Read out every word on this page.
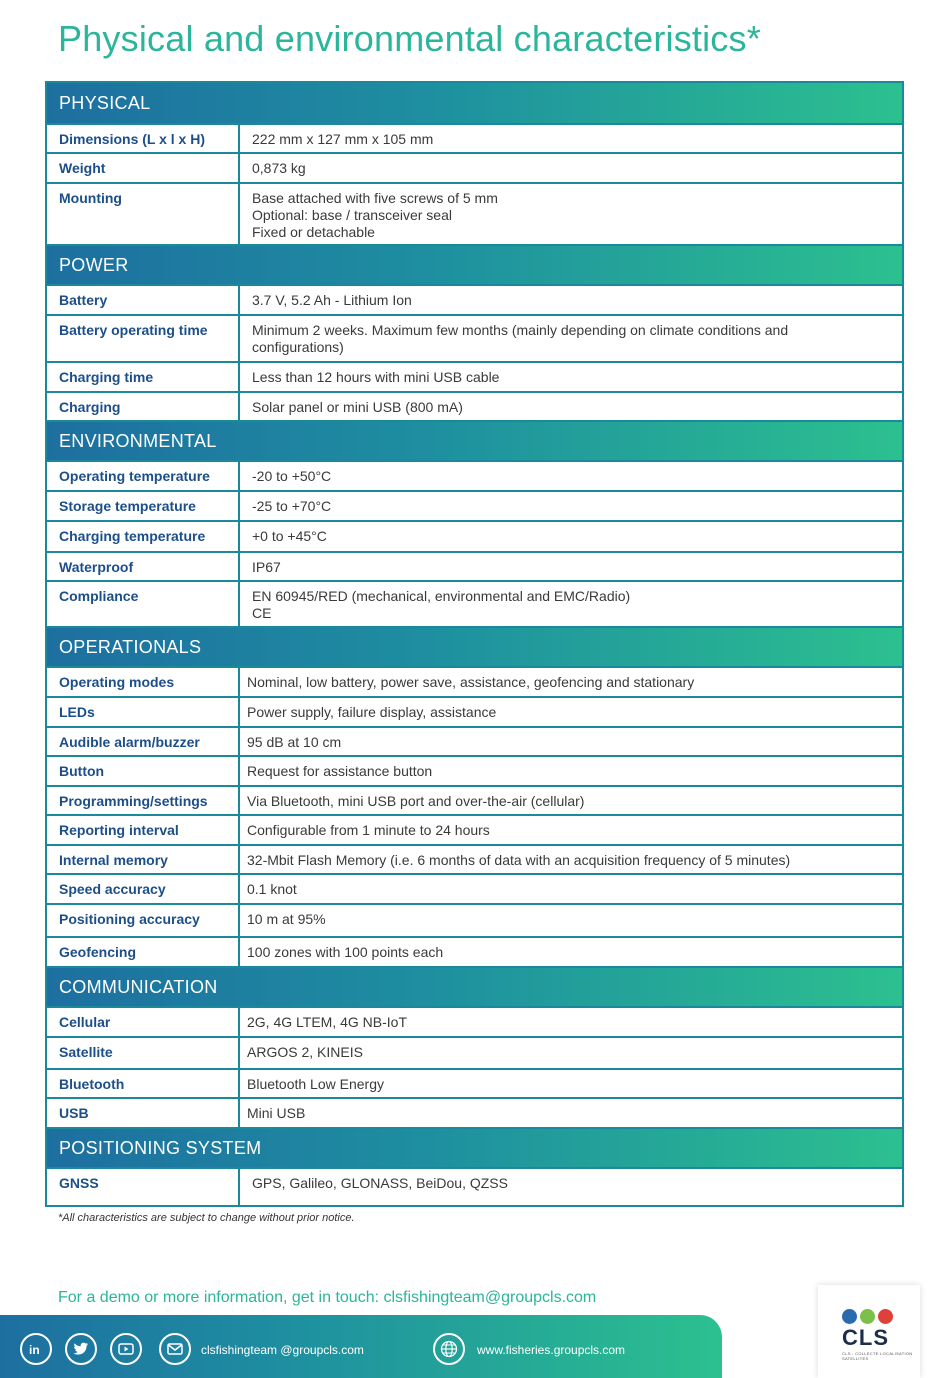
Physical and environmental characteristics*
PHYSICAL
Dimensions (L x l x H)	222 mm x 127 mm x 105 mm
Weight	0,873 kg
Mounting	Base attached with five screws of 5 mm
Optional: base / transceiver seal
Fixed or detachable
POWER
Battery	3.7 V, 5.2 Ah - Lithium Ion
Battery operating time	Minimum 2 weeks. Maximum few months (mainly depending on climate conditions and
configurations)
Charging time	Less than 12 hours with mini USB cable
Charging	Solar panel or mini USB (800 mA)
ENVIRONMENTAL
Operating temperature	-20 to +50°C
Storage temperature	-25 to +70°C
Charging temperature	+0 to +45°C
Waterproof	IP67
Compliance	EN 60945/RED (mechanical, environmental and EMC/Radio)
CE
OPERATIONALS
Operating modes	Nominal, low battery, power save, assistance, geofencing and stationary
LEDs	Power supply, failure display, assistance
Audible alarm/buzzer	95 dB at 10 cm
Button	Request for assistance button
Programming/settings	Via Bluetooth, mini USB port and over-the-air (cellular)
Reporting interval	Configurable from 1 minute to 24 hours
Internal memory	32-Mbit Flash Memory (i.e. 6 months of data with an acquisition frequency of 5 minutes)
Speed accuracy	0.1 knot
Positioning accuracy	10 m at 95%
Geofencing	100 zones with 100 points each
COMMUNICATION
Cellular	2G, 4G LTEM, 4G NB-IoT
Satellite	ARGOS 2, KINEIS
Bluetooth	Bluetooth Low Energy
USB	Mini USB
POSITIONING SYSTEM
GNSS	GPS, Galileo, GLONASS, BeiDou, QZSS
*All characteristics are subject to change without prior notice.
For a demo or more information, get in touch: clsfishingteam@groupcls.com
in	clsfishingteam @groupcls.com	www.fisheries.groupcls.com	CLS
CLS - COLLECTE LOCALISATION SATELLITES
